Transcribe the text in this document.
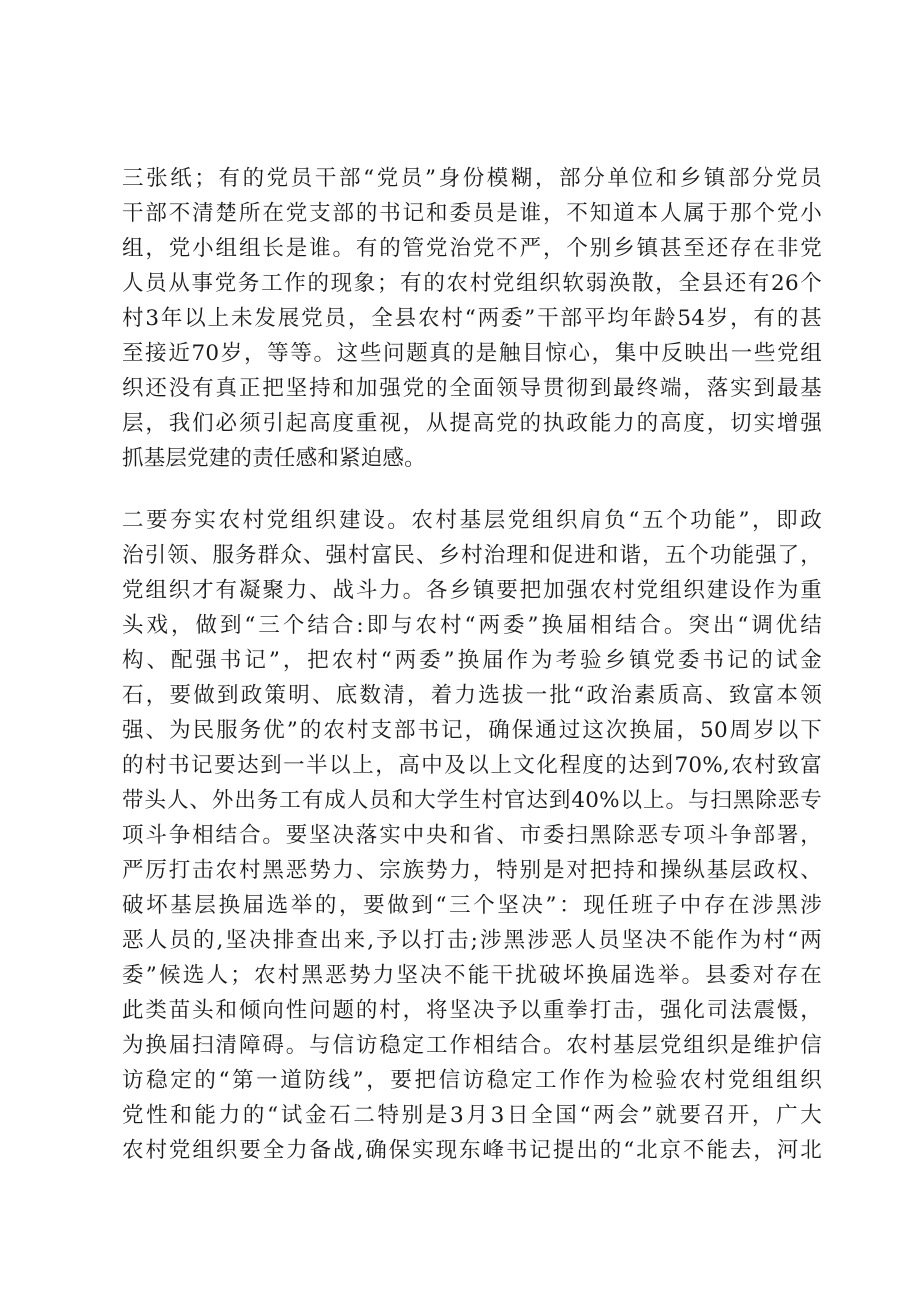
三张纸；有的党员干部“党员”身份模糊，部分单位和乡镇部分党员
干部不清楚所在党支部的书记和委员是谁，不知道本人属于那个党小
组，党小组组长是谁。有的管党治党不严，个别乡镇甚至还存在非党
人员从事党务工作的现象；有的农村党组织软弱涣散，全县还有26个
村3年以上未发展党员，全县农村“两委”干部平均年龄54岁，有的甚
至接近70岁，等等。这些问题真的是触目惊心，集中反映出一些党组
织还没有真正把坚持和加强党的全面领导贯彻到最终端，落实到最基
层，我们必须引起高度重视，从提高党的执政能力的高度，切实增强
抓基层党建的责任感和紧迫感。
二要夯实农村党组织建设。农村基层党组织肩负“五个功能”，即政
治引领、服务群众、强村富民、乡村治理和促进和谐，五个功能强了，
党组织才有凝聚力、战斗力。各乡镇要把加强农村党组织建设作为重
头戏，做到“三个结合:即与农村“两委”换届相结合。突出“调优结
构、配强书记”，把农村“两委”换届作为考验乡镇党委书记的试金
石，要做到政策明、底数清，着力选拔一批“政治素质高、致富本领
强、为民服务优”的农村支部书记，确保通过这次换届，50周岁以下
的村书记要达到一半以上，高中及以上文化程度的达到70%,农村致富
带头人、外出务工有成人员和大学生村官达到40%以上。与扫黑除恶专
项斗争相结合。要坚决落实中央和省、市委扫黑除恶专项斗争部署，
严厉打击农村黑恶势力、宗族势力，特别是对把持和操纵基层政权、
破坏基层换届选举的，要做到“三个坚决”：现任班子中存在涉黑涉
恶人员的,坚决排查出来,予以打击;涉黑涉恶人员坚决不能作为村“两
委”候选人；农村黑恶势力坚决不能干扰破坏换届选举。县委对存在
此类苗头和倾向性问题的村，将坚决予以重拳打击，强化司法震慑，
为换届扫清障碍。与信访稳定工作相结合。农村基层党组织是维护信
访稳定的“第一道防线”，要把信访稳定工作作为检验农村党组组织
党性和能力的“试金石二特别是3月3日全国“两会”就要召开，广大
农村党组织要全力备战,确保实现东峰书记提出的“北京不能去，河北
